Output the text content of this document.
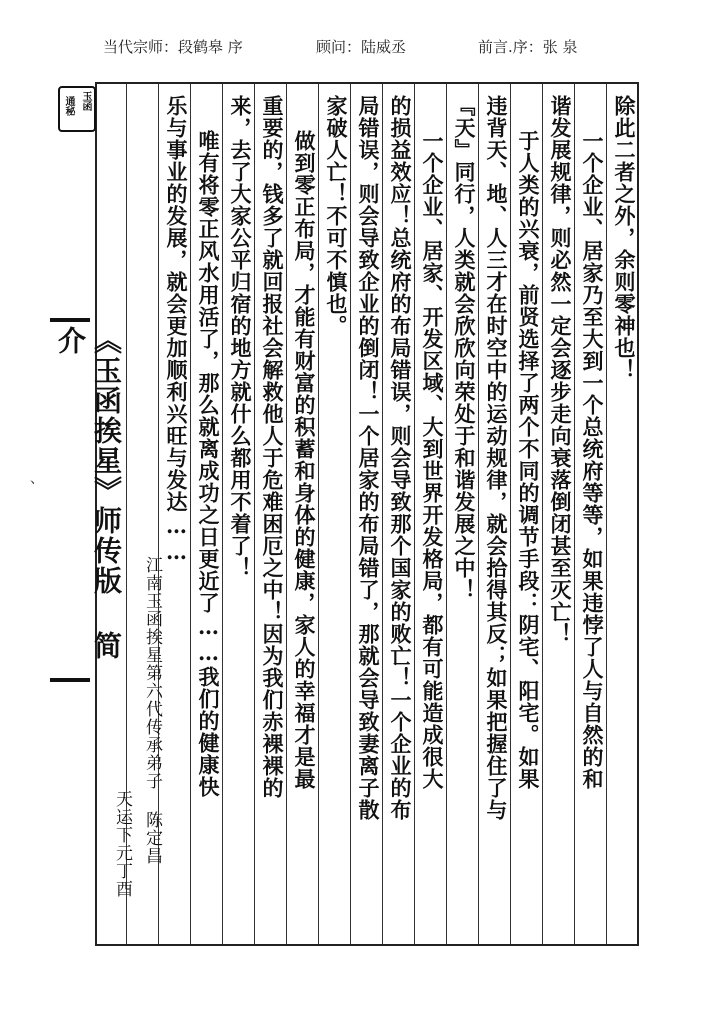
当代宗师：段鹤皋 序	顾问：陆威丞	前言.序：张 泉
玉函
通秘
《玉函挨星》师传版 简介
、
除此二者之外，余则零神也！
一个企业、居家乃至大到一个总统府等等，如果违悖了人与自然的和
谐发展规律，则必然一定会逐步走向衰落倒闭甚至灭亡！
于人类的兴衰，前贤选择了两个不同的调节手段：阴宅、阳宅。如果
违背天、地、人三才在时空中的运动规律，就会拾得其反；如果把握住了与
『天』同行，人类就会欣欣向荣处于和谐发展之中！
一个企业、居家、开发区域、大到世界开发格局，都有可能造成很大
的损益效应！总统府的布局错误，则会导致那个国家的败亡！一个企业的布
局错误，则会导致企业的倒闭！一个居家的布局错了，那就会导致妻离子散
家破人亡！不可不慎也。
做到零正布局，才能有财富的积蓄和身体的健康，家人的幸福才是最
重要的，钱多了就回报社会解救他人于危难困厄之中！因为我们赤裸裸的
来，去了大家公平归宿的地方就什么都用不着了！
唯有将零正风水用活了，那么就离成功之日更近了……我们的健康快
乐与事业的发展，就会更加顺利兴旺与发达……
江南玉函挨星第六代传承弟子 陈定昌
天运下元丁酉
